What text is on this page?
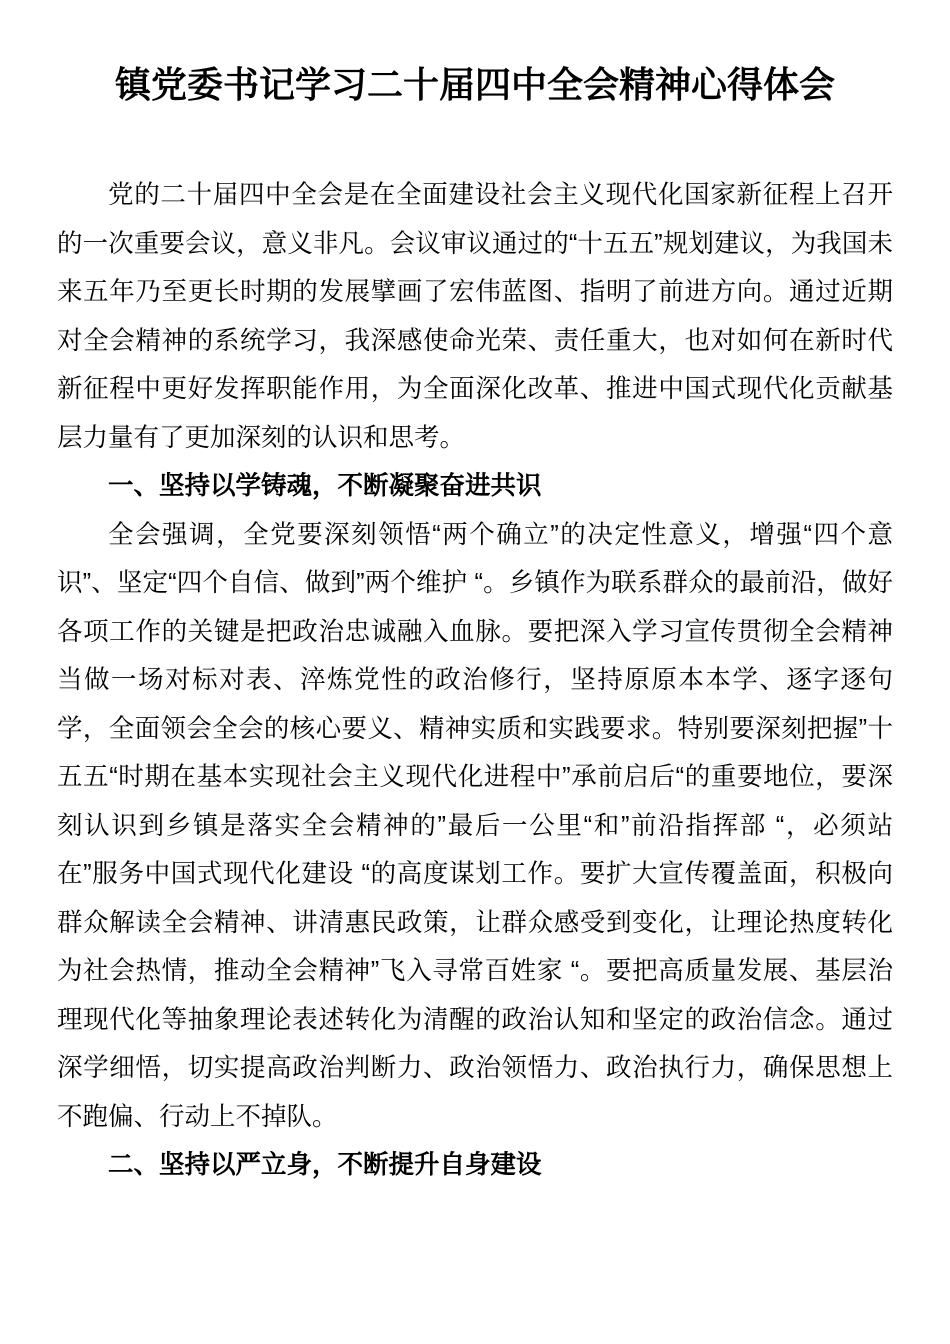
镇党委书记学习二十届四中全会精神心得体会

党的二十届四中全会是在全面建设社会主义现代化国家新征程上召开的一次重要会议，意义非凡。会议审议通过的“十五五”规划建议，为我国未来五年乃至更长时期的发展擘画了宏伟蓝图、指明了前进方向。通过近期对全会精神的系统学习，我深感使命光荣、责任重大，也对如何在新时代新征程中更好发挥职能作用，为全面深化改革、推进中国式现代化贡献基层力量有了更加深刻的认识和思考。

一、坚持以学铸魂，不断凝聚奋进共识

全会强调，全党要深刻领悟“两个确立”的决定性意义，增强“四个意识”、坚定“四个自信、做到”两个维护 “。乡镇作为联系群众的最前沿，做好各项工作的关键是把政治忠诚融入血脉。要把深入学习宣传贯彻全会精神当做一场对标对表、淬炼党性的政治修行，坚持原原本本学、逐字逐句学，全面领会全会的核心要义、精神实质和实践要求。特别要深刻把握”十五五“时期在基本实现社会主义现代化进程中”承前启后“的重要地位，要深刻认识到乡镇是落实全会精神的”最后一公里“和”前沿指挥部 “，必须站在”服务中国式现代化建设 “的高度谋划工作。要扩大宣传覆盖面，积极向群众解读全会精神、讲清惠民政策，让群众感受到变化，让理论热度转化为社会热情，推动全会精神”飞入寻常百姓家 “。要把高质量发展、基层治理现代化等抽象理论表述转化为清醒的政治认知和坚定的政治信念。通过深学细悟，切实提高政治判断力、政治领悟力、政治执行力，确保思想上不跑偏、行动上不掉队。

二、坚持以严立身，不断提升自身建设
